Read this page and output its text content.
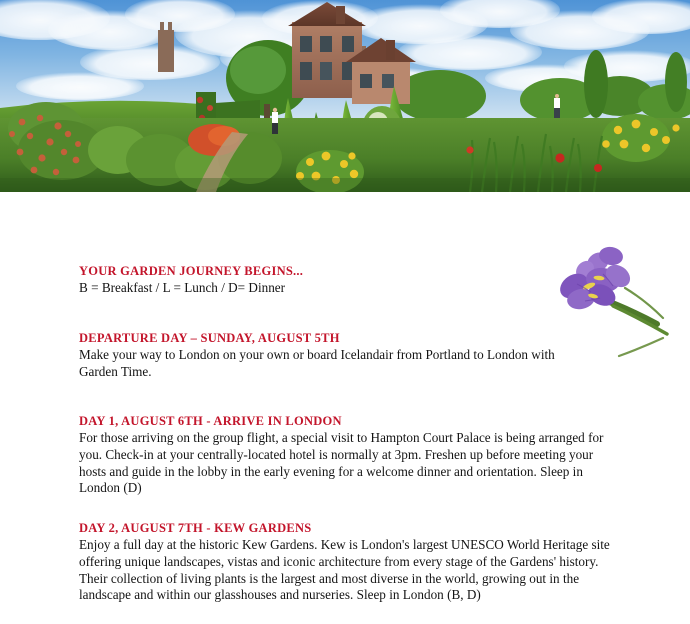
YOUR GARDEN JOURNEY BEGINS...

B = Breakfast / L = Lunch / D= Dinner

DEPARTURE DAY – SUNDAY, AUGUST 5TH

Make your way to London on your own or board Icelandair from Portland to London with Garden Time.

DAY 1, AUGUST 6TH - ARRIVE IN LONDON

For those arriving on the group flight, a special visit to Hampton Court Palace is being arranged for you. Check-in at your centrally-located hotel is normally at 3pm. Freshen up before meeting your hosts and guide in the lobby in the early evening for a welcome dinner and orientation. Sleep in London (D)

DAY 2, AUGUST 7TH - KEW GARDENS

Enjoy a full day at the historic Kew Gardens. Kew is London's largest UNESCO World Heritage site offering unique landscapes, vistas and iconic architecture from every stage of the Gardens' history. Their collection of living plants is the largest and most diverse in the world, growing out in the landscape and within our glasshouses and nurseries. Sleep in London (B, D)
